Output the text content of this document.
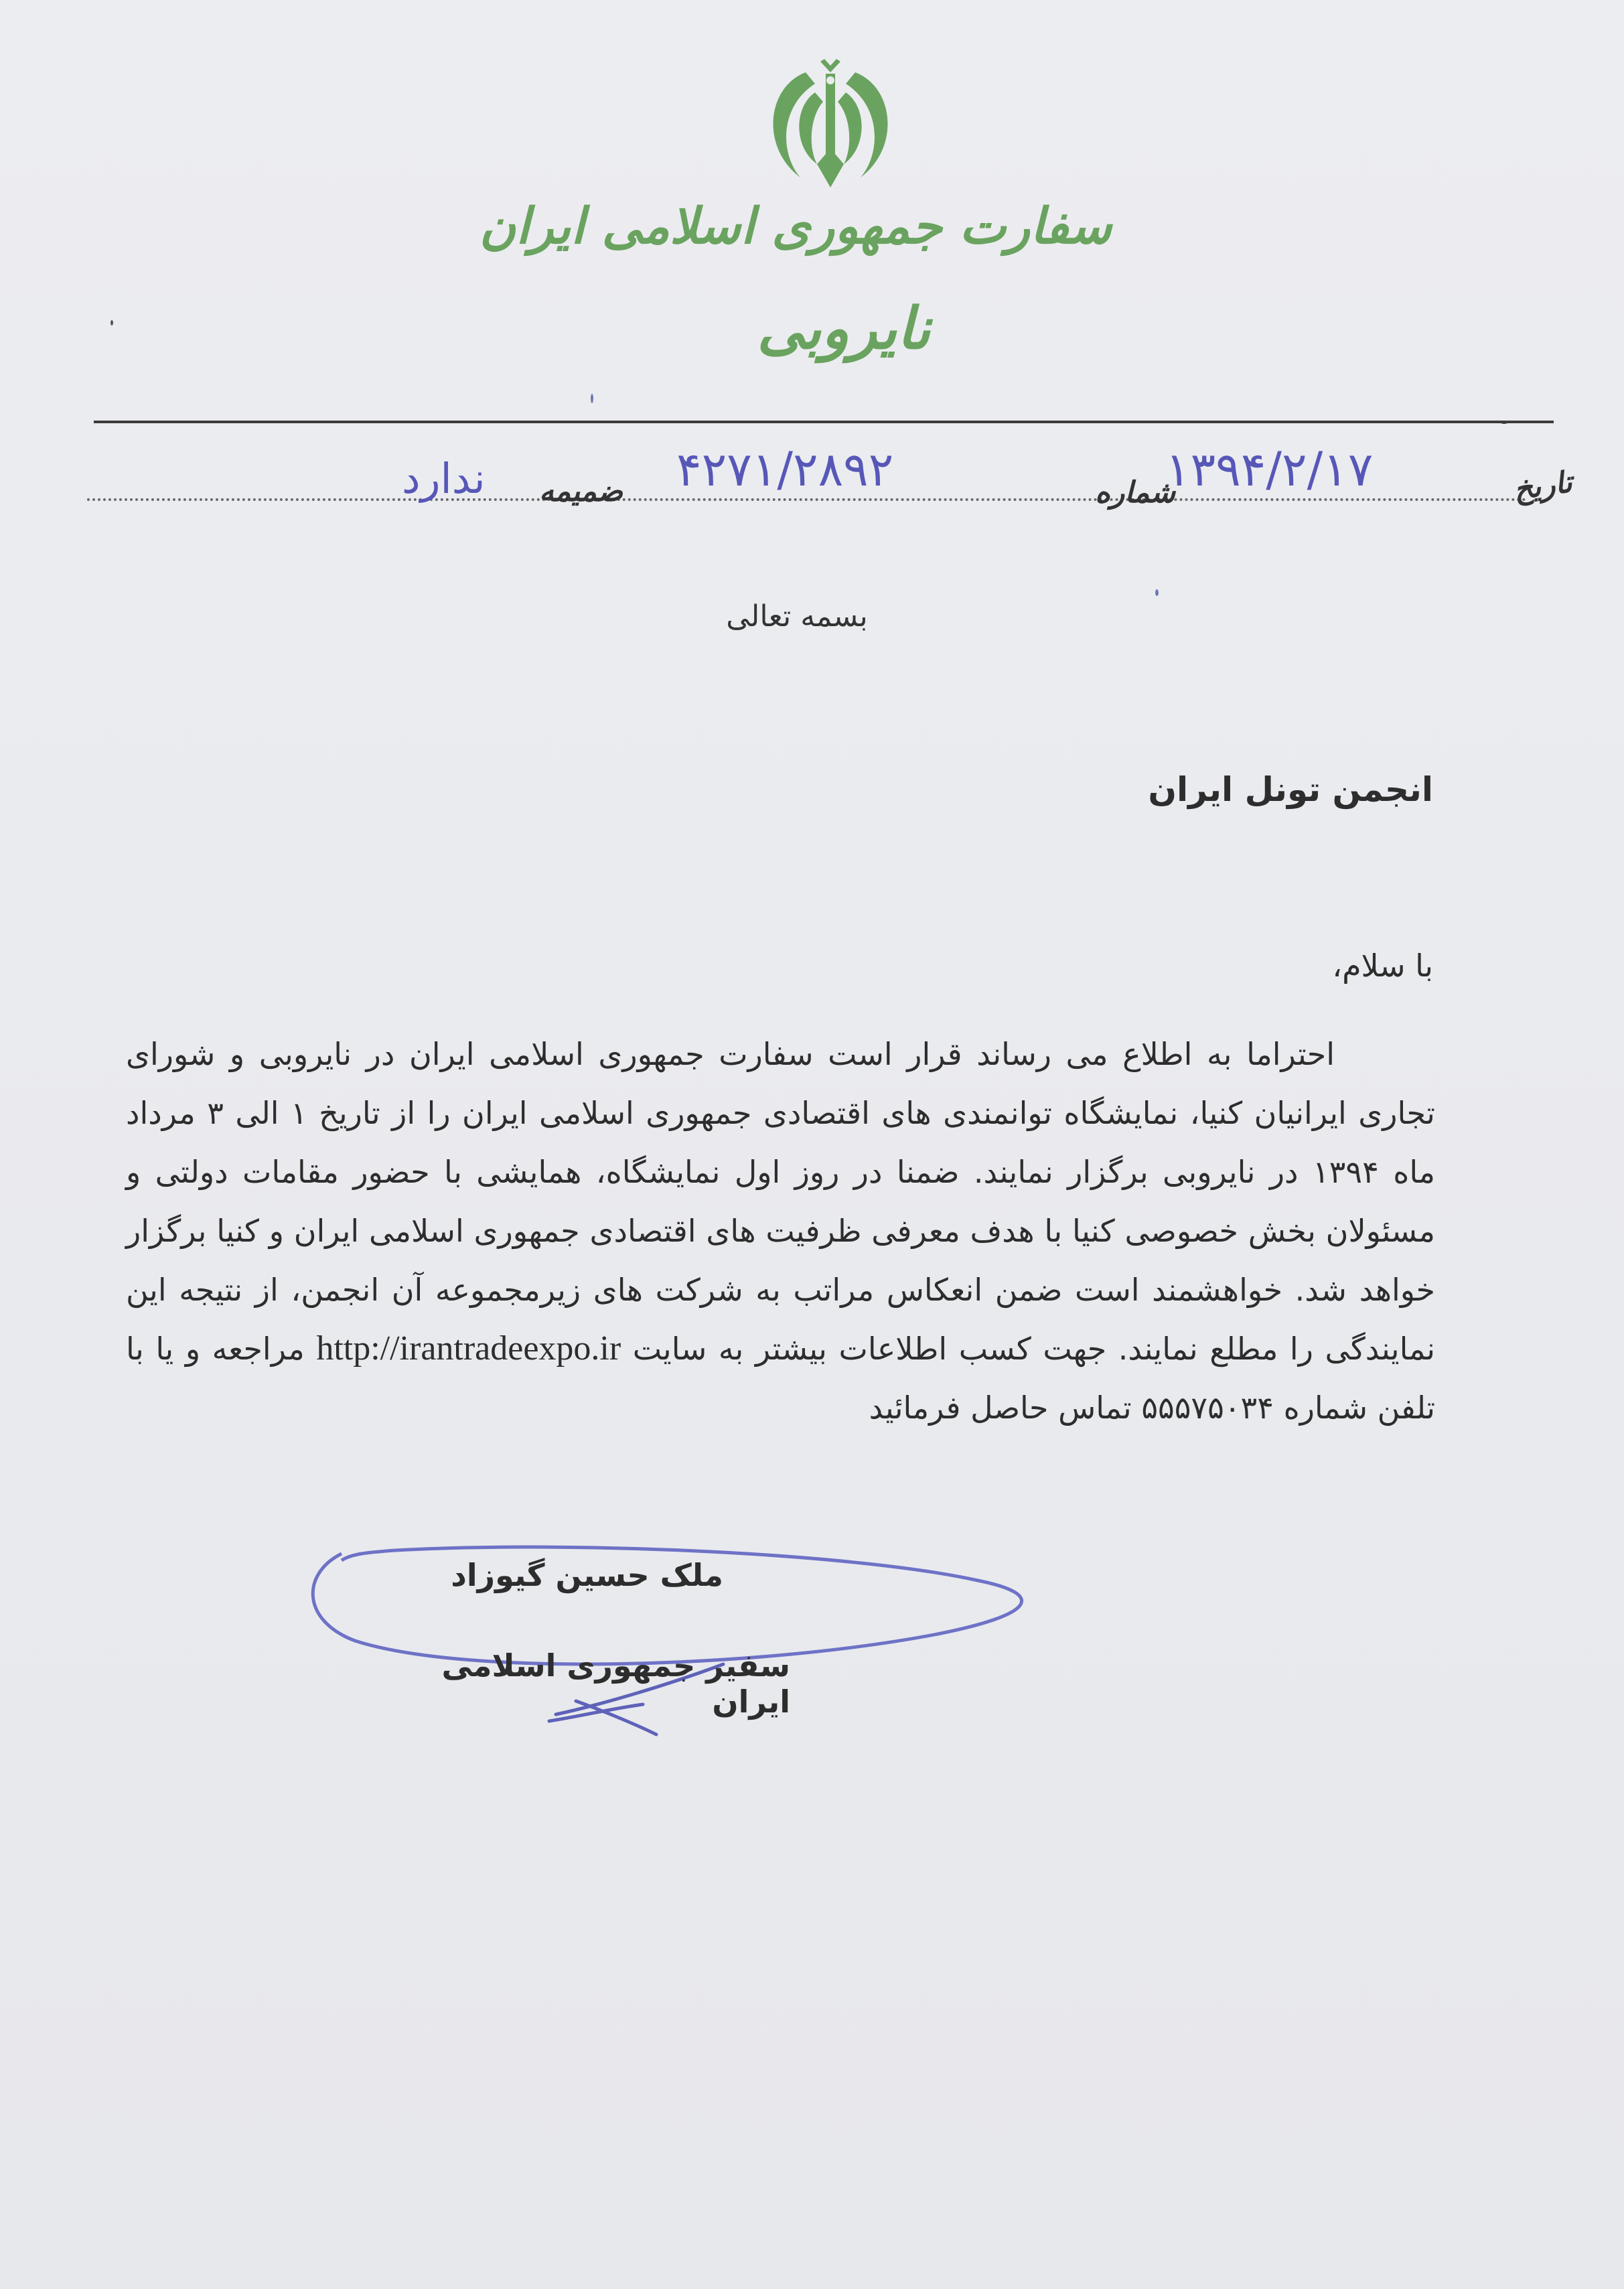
سفارت جمهوری اسلامی ایران
نایروبی
تاریخ
۱۳۹۴/۲/۱۷
شماره
۴۲۷۱/۲۸۹۲
ضمیمه
ندارد
بسمه تعالی
انجمن تونل ایران
با سلام،

احتراما به اطلاع می رساند قرار است سفارت جمهوری اسلامی ایران در نایروبی و شورای تجاری ایرانیان کنیا، نمایشگاه توانمندی های اقتصادی جمهوری اسلامی ایران را از تاریخ ۱ الی ۳ مرداد ماه ۱۳۹۴ در نایروبی برگزار نمایند. ضمنا در روز اول نمایشگاه، همایشی با حضور مقامات دولتی و مسئولان بخش خصوصی کنیا با هدف معرفی ظرفیت های اقتصادی جمهوری اسلامی ایران و کنیا برگزار خواهد شد. خواهشمند است ضمن انعکاس مراتب به شرکت های زیرمجموعه آن انجمن، از نتیجه این نمایندگی را مطلع نمایند. جهت کسب اطلاعات بیشتر به سایت http://irantradeexpo.ir مراجعه و یا با تلفن شماره ۵۵۵۷۵۰۳۴ تماس حاصل فرمائید

ملک حسین گیوزاد
سفیر جمهوری اسلامی ایران
